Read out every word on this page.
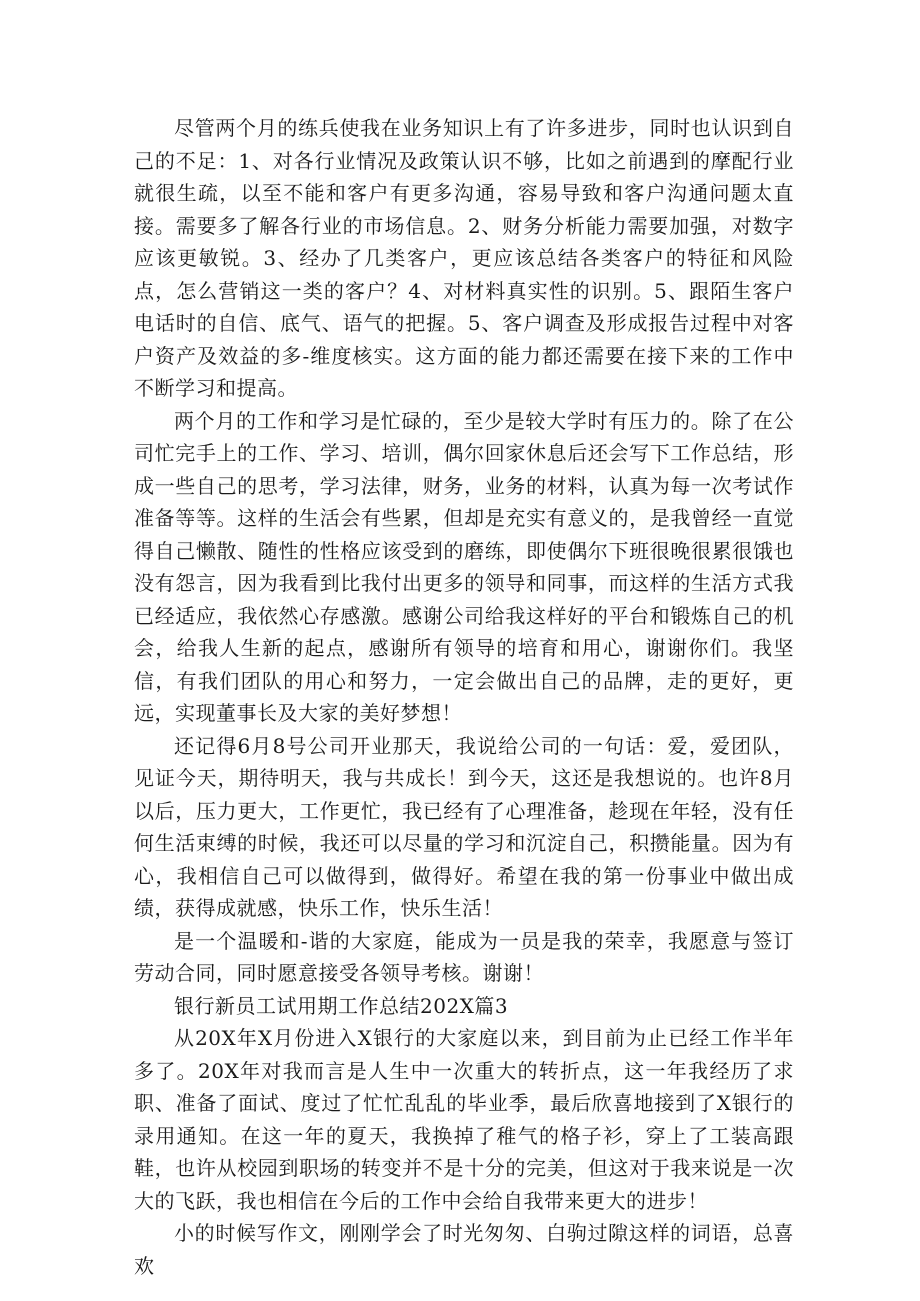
尽管两个月的练兵使我在业务知识上有了许多进步，同时也认识到自己的不足：1、对各行业情况及政策认识不够，比如之前遇到的摩配行业就很生疏，以至不能和客户有更多沟通，容易导致和客户沟通问题太直接。需要多了解各行业的市场信息。2、财务分析能力需要加强，对数字应该更敏锐。3、经办了几类客户，更应该总结各类客户的特征和风险点，怎么营销这一类的客户？4、对材料真实性的识别。5、跟陌生客户电话时的自信、底气、语气的把握。5、客户调查及形成报告过程中对客户资产及效益的多-维度核实。这方面的能力都还需要在接下来的工作中不断学习和提高。

两个月的工作和学习是忙碌的，至少是较大学时有压力的。除了在公司忙完手上的工作、学习、培训，偶尔回家休息后还会写下工作总结，形成一些自己的思考，学习法律，财务，业务的材料，认真为每一次考试作准备等等。这样的生活会有些累，但却是充实有意义的，是我曾经一直觉得自己懒散、随性的性格应该受到的磨练，即使偶尔下班很晚很累很饿也没有怨言，因为我看到比我付出更多的领导和同事，而这样的生活方式我已经适应，我依然心存感激。感谢公司给我这样好的平台和锻炼自己的机会，给我人生新的起点，感谢所有领导的培育和用心，谢谢你们。我坚信，有我们团队的用心和努力，一定会做出自己的品牌，走的更好，更远，实现董事长及大家的美好梦想！

还记得6月8号公司开业那天，我说给公司的一句话：爱，爱团队，见证今天，期待明天，我与共成长！到今天，这还是我想说的。也许8月以后，压力更大，工作更忙，我已经有了心理准备，趁现在年轻，没有任何生活束缚的时候，我还可以尽量的学习和沉淀自己，积攒能量。因为有心，我相信自己可以做得到，做得好。希望在我的第一份事业中做出成绩，获得成就感，快乐工作，快乐生活！

是一个温暖和-谐的大家庭，能成为一员是我的荣幸，我愿意与签订劳动合同，同时愿意接受各领导考核。谢谢！

银行新员工试用期工作总结202X篇3

从20X年X月份进入X银行的大家庭以来，到目前为止已经工作半年多了。20X年对我而言是人生中一次重大的转折点，这一年我经历了求职、准备了面试、度过了忙忙乱乱的毕业季，最后欣喜地接到了X银行的录用通知。在这一年的夏天，我换掉了稚气的格子衫，穿上了工装高跟鞋，也许从校园到职场的转变并不是十分的完美，但这对于我来说是一次大的飞跃，我也相信在今后的工作中会给自我带来更大的进步！

小的时候写作文，刚刚学会了时光匆匆、白驹过隙这样的词语，总喜欢
